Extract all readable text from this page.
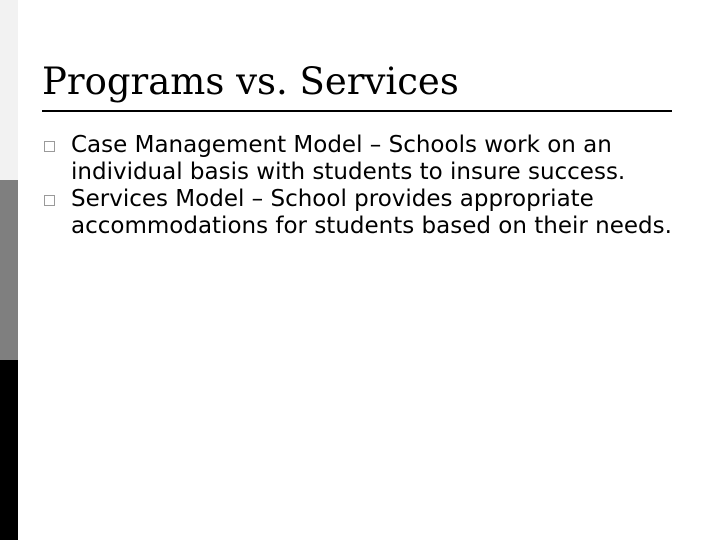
Programs vs. Services
Case Management Model – Schools work on an individual basis with students to insure success.
Services Model – School provides appropriate accommodations for students based on their needs.
